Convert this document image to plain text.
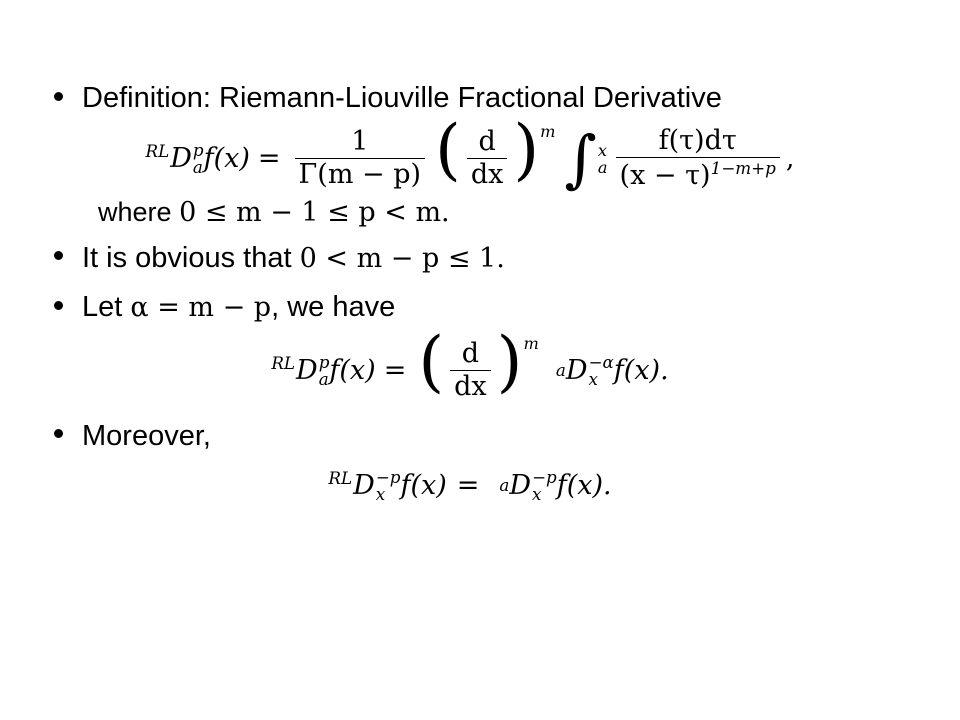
Definition: Riemann-Liouville Fractional Derivative
RL D p
a $f(x) = \frac{1}{\Gamma(m - p)}$ ( $\frac{d}{dx}$ ) m ∫ x
a $\frac{f(\tau)d\tau}{(x - \tau)^{1-m+p}}$ ,
where 0 ≤ m − 1 ≤ p < m.
It is obvious that 0 < m − p ≤ 1.
Let α = m − p, we have
RL D p
a f(x) = ( $\frac{d}{dx}$ ) m
a D −α
x f(x).
Moreover,
RL D −p
x f(x) = a D −p
x f(x).
